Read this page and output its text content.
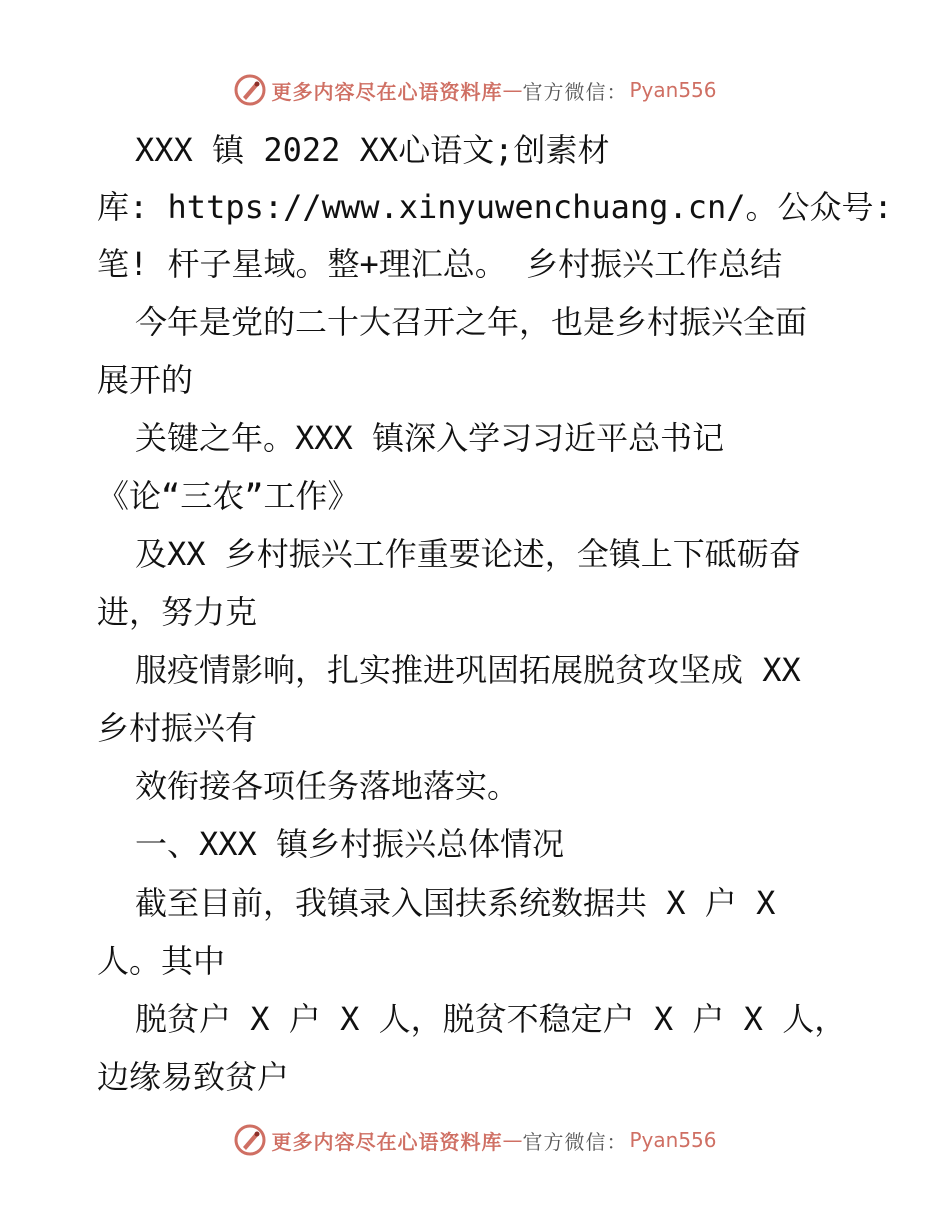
更多内容尽在心语资料库 — 官方微信： Pyan556
XXX 镇 2022 XX心语文;创素材
库: https://www.xinyuwenchuang.cn/。公众号:
笔! 杆子星域。整+理汇总。 乡村振兴工作总结
今年是党的二十大召开之年，也是乡村振兴全面
展开的
关键之年。XXX 镇深入学习习近平总书记
《论“三农”工作》
及XX 乡村振兴工作重要论述，全镇上下砥砺奋
进，努力克
服疫情影响，扎实推进巩固拓展脱贫攻坚成 XX
乡村振兴有
效衔接各项任务落地落实。
一、XXX 镇乡村振兴总体情况
截至目前，我镇录入国扶系统数据共 X 户 X
人。其中
脱贫户 X 户 X 人，脱贫不稳定户 X 户 X 人，
边缘易致贫户
更多内容尽在心语资料库 — 官方微信： Pyan556
